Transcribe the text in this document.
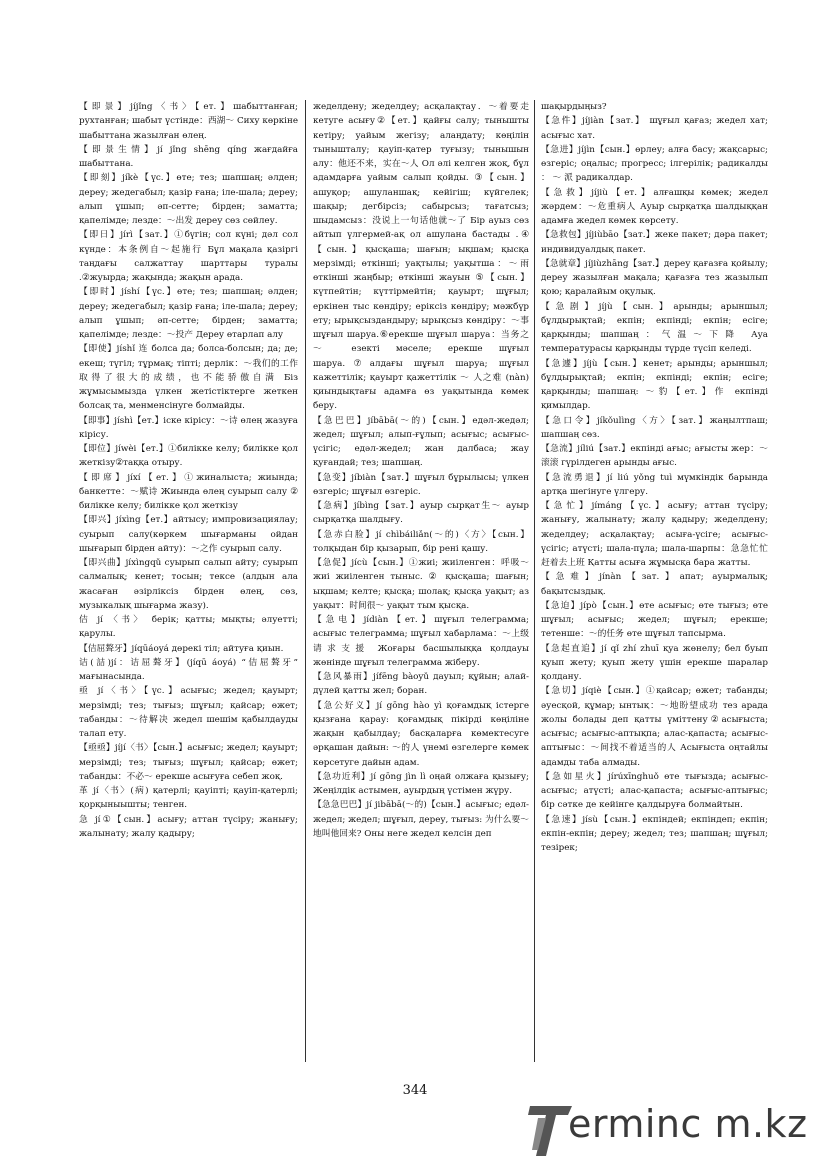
【即景】jíjǐng〈书〉【ет.】шабыттанған; рухтанған; шабыт үстінде：西湖～ Сиху көркіне шабыттана жазылған өлең.

【即景生情】jí jǐng shēng qíng жағдайға шабыттана.

【即刻】jíkè【үс.】өте; тез; шапшаң; әлден; дереу; жедегабыл; қазір ғана; іле-шала; дереу; алып ұшып; әп-сетте; бірден; заматта; қапелімде; лезде：～出发 дереу сөз сөйлеу.

【即日】jírì【зат.】①бүгін; сол күні; дәл сол күнде：本条例自～起施行 Бұл мақала қазіргі таңдағы салжаттау шарттары туралы .②жуырда; жақында; жақын арада.

【即时】jíshí【үс.】өте; тез; шапшаң; әлден; дереу; жедегабыл; қазір ғана; іле-шала; дереу; алып ұшып; әп-сетте; бірден; заматта; қапелімде; лезде：～投产 Дереу өтарлап алу

【即使】jíshǐ 连 болса да; болса-болсын; да; де; екеш; түгіл; тұрмақ; тіпті; дерлік：～我们的工作取得了很大的成绩，也不能骄傲自满 Біз жұмысымызда үлкен жетістіктерге жеткен болсақ та, менменсінуге болмайды.

【即事】jíshì【ет.】іске кірісу：～诗 өлең жазуға кірісу.

【即位】jíwèi【ет.】①билікке келу; билікке қол жеткізу②таққа отыру.

【即席】jíxí【ет.】①жиналыста; жиында; банкетте：～赋诗 Жиында өлең суырып салу ② билікке келу; билікке қол жеткізу

【即兴】jíxìng【ет.】айтысу; импровизациялау; суырып салу(көркем шығарманы ойдан шығарып бірден айту)：～之作 суырып салу.

【即兴曲】jíxìngqǔ суырып салып айту; суырып салмалық; кенет; тосын; тексе (алдын ала жасаған әзірліксіз бірден өлең, сөз, музыкалық шығарма жазу).

佶 jí 〈书〉 берік; қатты; мықты; әлуетті; қарулы.

【佶屈聱牙】jíqūáoyá дөрекі тіл; айтуға қиын.

诘(詰)jí：诘屈聱牙】(jíqū áoyá) “佶屈聱牙” мағынасында.

亟 jí〈书〉【үс.】асығыс; жедел; қауырт; мерзімді; тез; тығыз; шұғыл; қайсар; өжет; табанды：～待解决 жедел шешім қабылдауды талап ету.

【亟亟】jíjí〈书〉【сын.】асығыс; жедел; қауырт; мерзімді; тез; тығыз; шұғыл; қайсар; өжет; табанды：不必～ ерекше асығуға себеп жоқ.

革 jí〈书〉(病) қатерлі; қауіпті; қауіп-қатерлі; қорқыныышты; тенген.

急 jí①【сын.】асығу; аттан түсіру; жанығу; жалынату; жалу қадыру;

жеделдену; жеделдеу; асқалақтау．～着要走 кетуге асығу②【ет.】қайғы салу; тынышты кетіру; уайым жегізу; алаңдату; көңілін тынышталу; қауіп-қатер туғызу; тынышын алу：他还不来，实在～人 Ол әлі келген жоқ, бұл адамдарға уайым салып қойды. ③【сын.】ашуқор; ашуланшақ; кейігіш; күйгелек; шақыр; дегбірсіз; сабырсыз; тағатсыз; шыдамсыз：没说上一句话他就～了 Бір ауыз сөз айтып үлгермей-ақ ол ашулана бастады .④【сын.】қысқаша; шағын; ықшам; қысқа мерзімді; өткінші; уақтылы; уақытша：～雨 өткінші жаңбыр; өткінші жауын ⑤【сын.】күтпейтін; күттірмейтін; қауырт; шұғыл; еркінен тыс көндіру; еріксіз көндіру; мәжбүр ету; ырықсыздандыру; ырықсыз көндіру：～事 шұғыл шаруа.⑥ерекше шұғыл шаруа：当务之～ езекті мәселе; ерекше шұғыл шаруа.⑦алдағы шұғыл шаруа; шұғыл кажеттілік; қауырт қажеттілік ～ 人之难 (nàn) қиындықтағы адамға өз уақытында көмек беру.

【急巴巴】jíbābā(～的)【сын.】едәл-жедәл; жедел; шұғыл; алып-ғұлып; асығыс; асығыс-үсігіс; едәл-жедел; жан далбаса; жау қуғандай; тез; шапшаң.

【急变】jíbiàn【зат.】шұғыл бұрылысы; үлкен өзгеріс; шұғыл өзгеріс.

【急病】jíbìng【зат.】ауыр сырқат生～ ауыр сырқатқа шалдығу.

【急赤白脸】jí chìbáiliǎn(～的)〈方〉【сын.】толқыдан бір қызарып, бір рені қашу.

【急促】jícù【сын.】①жиі; жиіленген：呼吸～ жиі жиіленген тыныс. ② қысқаша; шағын; ықшам; келте; қысқа; шолақ; қысқа уақыт; аз уақыт：时间很～ уақыт тым қысқа.

【急电】jídiàn【ет.】шұғыл телеграмма; асығыс телеграмма; шұғыл хабарлама：～上级请求支援 Жоғары басшылыққа қолдауы жөнінде шұғыл телеграмма жіберу.

【急风暴雨】jífēng bàoyǔ дауыл; құйын; алай-дүлей қатты жел; боран.

【急公好义】jí gōng hào yì қоғамдық істерге қызғана қарау: қоғамдық пікірді көңіліне жақын қабылдау; басқаларға көмектесуге әрқашан дайын: ～的人 үнемі өзгелерге көмек көрсетуге дайын адам.

【急功近利】jí gōng jìn lì оңай олжаға қызығу; Жеңілдік астымен, ауырдың үстімен жүру.

【急急巴巴】jí jibābā(～的)【сын.】асығыс; едәл-жедел; жедел; шұғыл, дереу, тығыз: 为什么要～地叫他回来? Оны неге жедел келсін деп

шақырдыңыз?

【急件】jíjiàn【зат.】 шұғыл қағаз; жедел хат; асығыс хат.

【急进】jíjìn【сын.】өрлеу; алға басу; жақсарыс; өзгеріс; оңалыс; прогресс; ілгерілік; радикалды ： ～ 派 радикалдар.

【急救】jíjiù【ет.】алғашқы көмек; жедел жәрдем：～危重病人 Ауыр сырқатқа шалдыққан адамға жедел көмек көрсету.

【急救包】jíjiùbāo【зат.】жеке пакет; дәра пакет; индивидуалдық пакет.

【急就章】jíjiùzhāng【зат.】дереу қағазға қойылу; дереу жазылған мақала; қағазға тез жазылып қою; қаралайым оқулық.

【急剧】jíjù【сын.】арынды; арыншыл; бұлдырықтай; екпін; екпінді; екпін; есіге; қарқынды; шапшаң：气温～下降 Ауа температурасы қарқынды түрде түсіп келеді.

【急遽】jíjù【сын.】кенет; арынды; арыншыл; бұлдырықтай; екпін; екпінді; екпін; есіге; қарқынды; шапшаң: ～豹【ет.】作 екпінді қимылдар.

【急口令】jíkǒulìng〈方〉【зат.】жаңылтпаш; шапшаң сөз.

【急流】jíliú【зат.】екпінді ағыс; ағысты жер：～ 滚滚 гүрілдеген арынды ағыс.

【急流勇退】jí liú yǒng tuì мүмкіндік барында артқа шегінуге үлгеру.

【急忙】jímáng【үс.】асығу; аттан түсіру; жанығу, жалынату; жалу қадыру; жеделдену; жеделдеу; асқалақтау; асыға-үсіге; асығыс-үсігіс; атүсті; шала-пұла; шала-шарпы：急急忙忙赶着去上班 Қатты асыға жұмысқа бара жатты.

【急难】jínàn【зат.】апат; ауырмалық; бақытсыздық.

【急迫】jípò【сын.】өте асығыс; өте тығыз; өте шұғыл; асығыс; жедел; шұғыл; ерекше; тетенше：～的任务 өте шұғыл тапсырма.

【急起直追】jí qǐ zhí zhuī қуа жөнелу; бел буып қуып жету; қуып жету үшін ерекше шаралар қолдану.

【急切】jíqiè【сын.】①қайсар; өжет; табанды; әуесқой, құмар; ынтық：～地盼望成功 тез арада жолы болады деп қатты үміттену②асығыстa; асығыс; асығыс-аптықпа; алас-қапаста; асығыс-аптығыс：～间找不着适当的人 Асығыстa оңтайлы адамды таба алмады.

【急如星火】jírúxīnghuǒ өте тығызда; асығыс-асығыс; атүсті; алас-қапаста; асығыс-аптығыс; бір сәтке де кейінге қалдыруға болмайтын.

【急速】jísù【сын.】екпіндей; екпіндеп; екпін; екпін-екпін; дереу; жедел; тез; шапшаң; шұғыл; тезірек;

344
erminc m.kz
